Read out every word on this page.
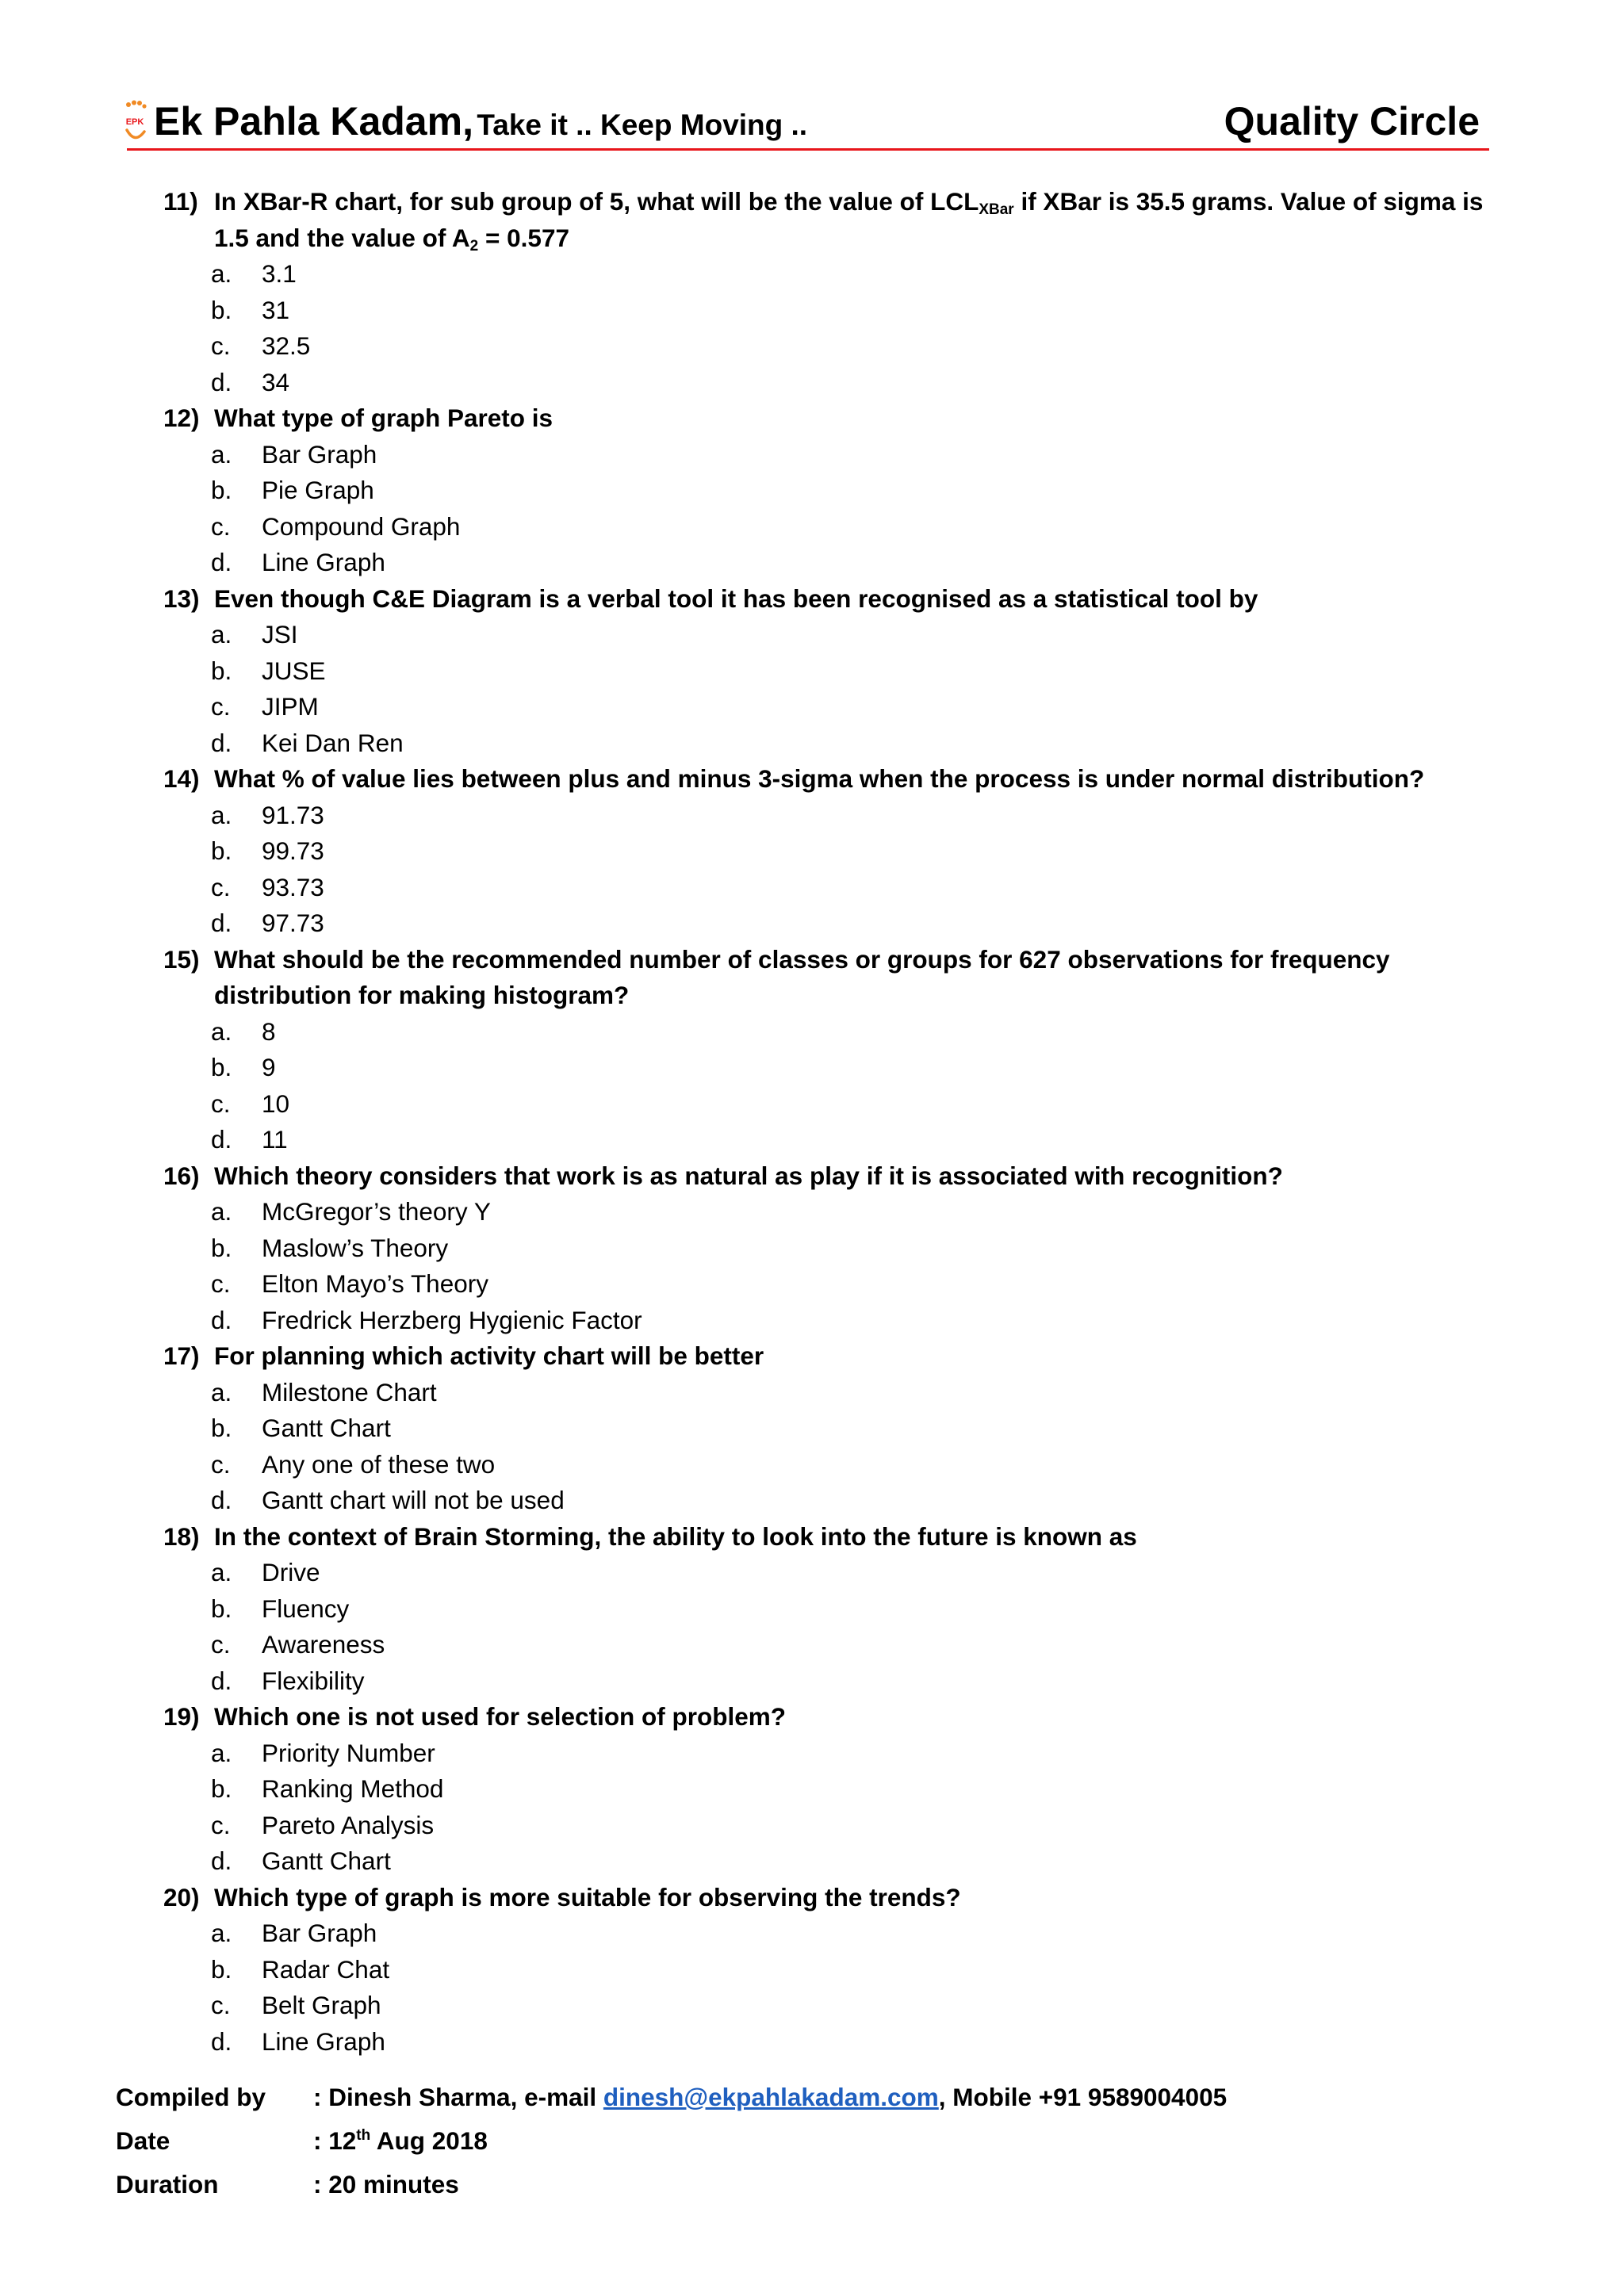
EPK Ek Pahla Kadam, Take it .. Keep Moving ..	Quality Circle
11) In XBar-R chart, for sub group of 5, what will be the value of $LCL_{XBar}$ if XBar is 35.5 grams. Value of sigma is 1.5 and the value of $A_2 = 0.577$
a. 3.1
b. 31
c. 32.5
d. 34
12) What type of graph Pareto is
a. Bar Graph
b. Pie Graph
c. Compound Graph
d. Line Graph
13) Even though C&E Diagram is a verbal tool it has been recognised as a statistical tool by
a. JSI
b. JUSE
c. JIPM
d. Kei Dan Ren
14) What % of value lies between plus and minus 3-sigma when the process is under normal distribution?
a. 91.73
b. 99.73
c. 93.73
d. 97.73
15) What should be the recommended number of classes or groups for 627 observations for frequency distribution for making histogram?
a. 8
b. 9
c. 10
d. 11
16) Which theory considers that work is as natural as play if it is associated with recognition?
a. McGregor’s theory Y
b. Maslow’s Theory
c. Elton Mayo’s Theory
d. Fredrick Herzberg Hygienic Factor
17) For planning which activity chart will be better
a. Milestone Chart
b. Gantt Chart
c. Any one of these two
d. Gantt chart will not be used
18) In the context of Brain Storming, the ability to look into the future is known as
a. Drive
b. Fluency
c. Awareness
d. Flexibility
19) Which one is not used for selection of problem?
a. Priority Number
b. Ranking Method
c. Pareto Analysis
d. Gantt Chart
20) Which type of graph is more suitable for observing the trends?
a. Bar Graph
b. Radar Chat
c. Belt Graph
d. Line Graph
Compiled by : Dinesh Sharma, e-mail dinesh@ekpahlakadam.com, Mobile +91 9589004005
Date	: 12th Aug 2018
Duration	: 20 minutes
